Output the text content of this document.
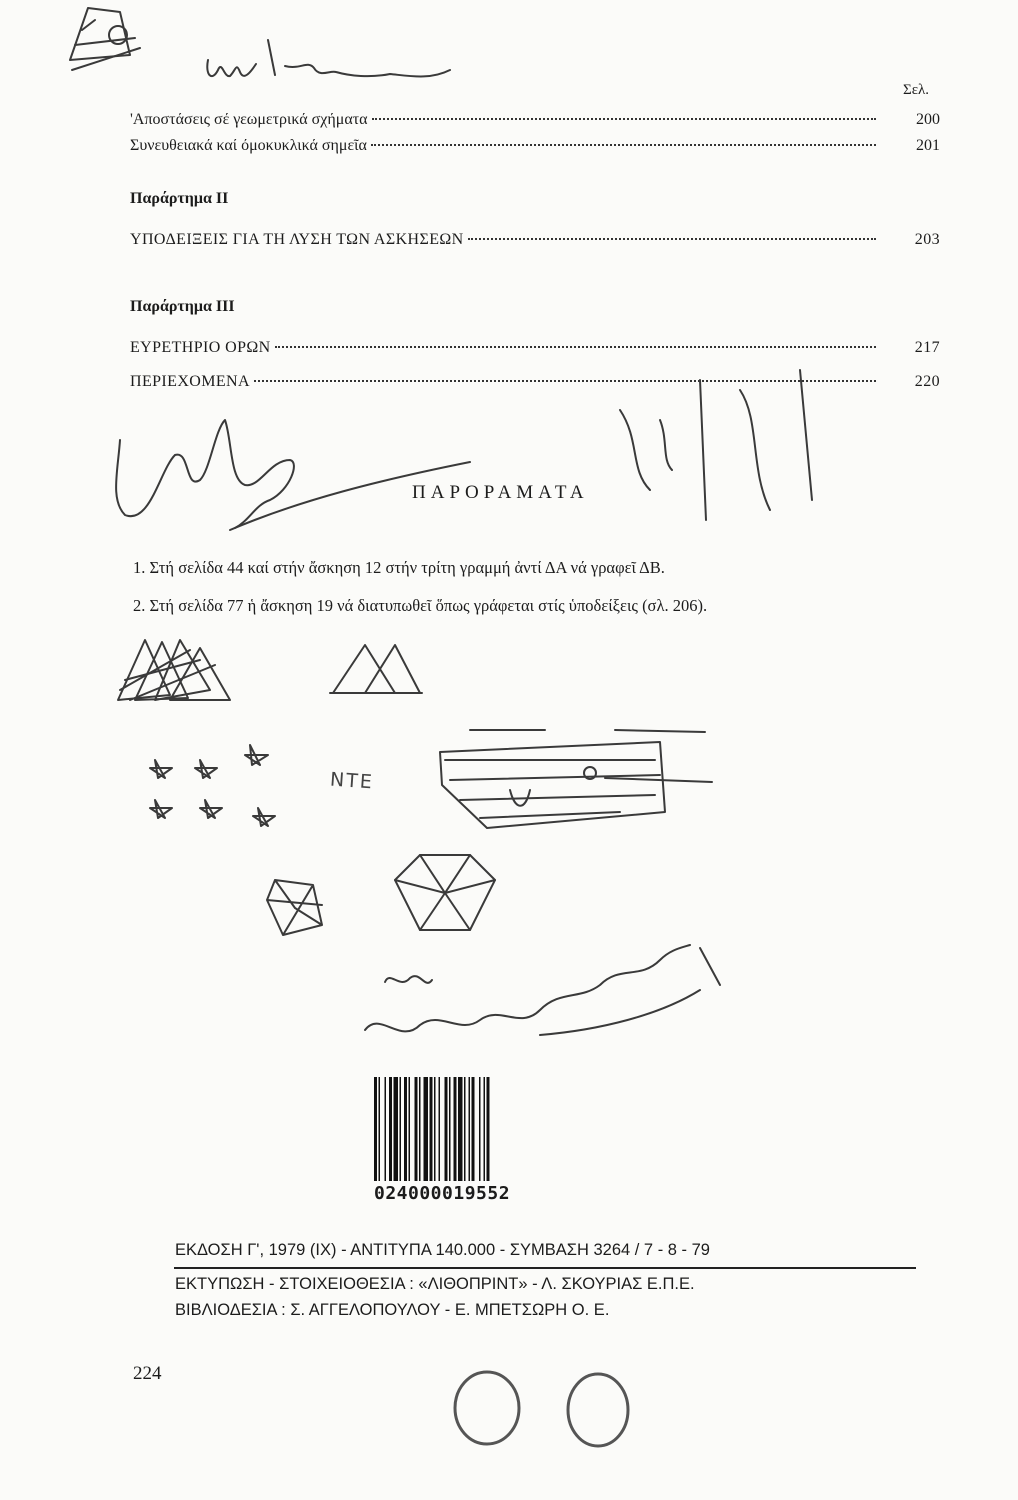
Σελ.
'Αποστάσεις σέ γεωμετρικά σχήματα	200
Συνευθειακά καί όμοκυκλικά σημεῖα	201
Παράρτημα ΙΙ
ΥΠΟΔΕΙΞΕΙΣ ΓΙΑ ΤΗ ΛΥΣΗ ΤΩΝ ΑΣΚΗΣΕΩΝ	203
Παράρτημα ΙΙΙ
ΕΥΡΕΤΗΡΙΟ ΟΡΩΝ	217
ΠΕΡΙΕΧΟΜΕΝΑ	220
ΠΑΡΟΡΑΜΑΤΑ
1. Στή σελίδα 44 καί στήν ἄσκηση 12 στήν τρίτη γραμμή ἀντί ΔA νά γραφεῖ ΔB.
2. Στή σελίδα 77 ἡ ἄσκηση 19 νά διατυπωθεῖ ὅπως γράφεται στίς ὑποδείξεις (σλ. 206).
024000019552
ΕΚΔΟΣΗ Γ', 1979 (ΙΧ) - ΑΝΤΙΤΥΠΑ 140.000 - ΣΥΜΒΑΣΗ 3264 / 7 - 8 - 79
ΕΚΤΥΠΩΣΗ - ΣΤΟΙΧΕΙΟΘΕΣΙΑ : «ΛΙΘΟΠΡΙΝΤ» - Λ. ΣΚΟΥΡΙΑΣ Ε.Π.Ε.
ΒΙΒΛΙΟΔΕΣΙΑ : Σ. ΑΓΓΕΛΟΠΟΥΛΟΥ - Ε. ΜΠΕΤΣΩΡΗ Ο. Ε.
224
ΝΤΕ
